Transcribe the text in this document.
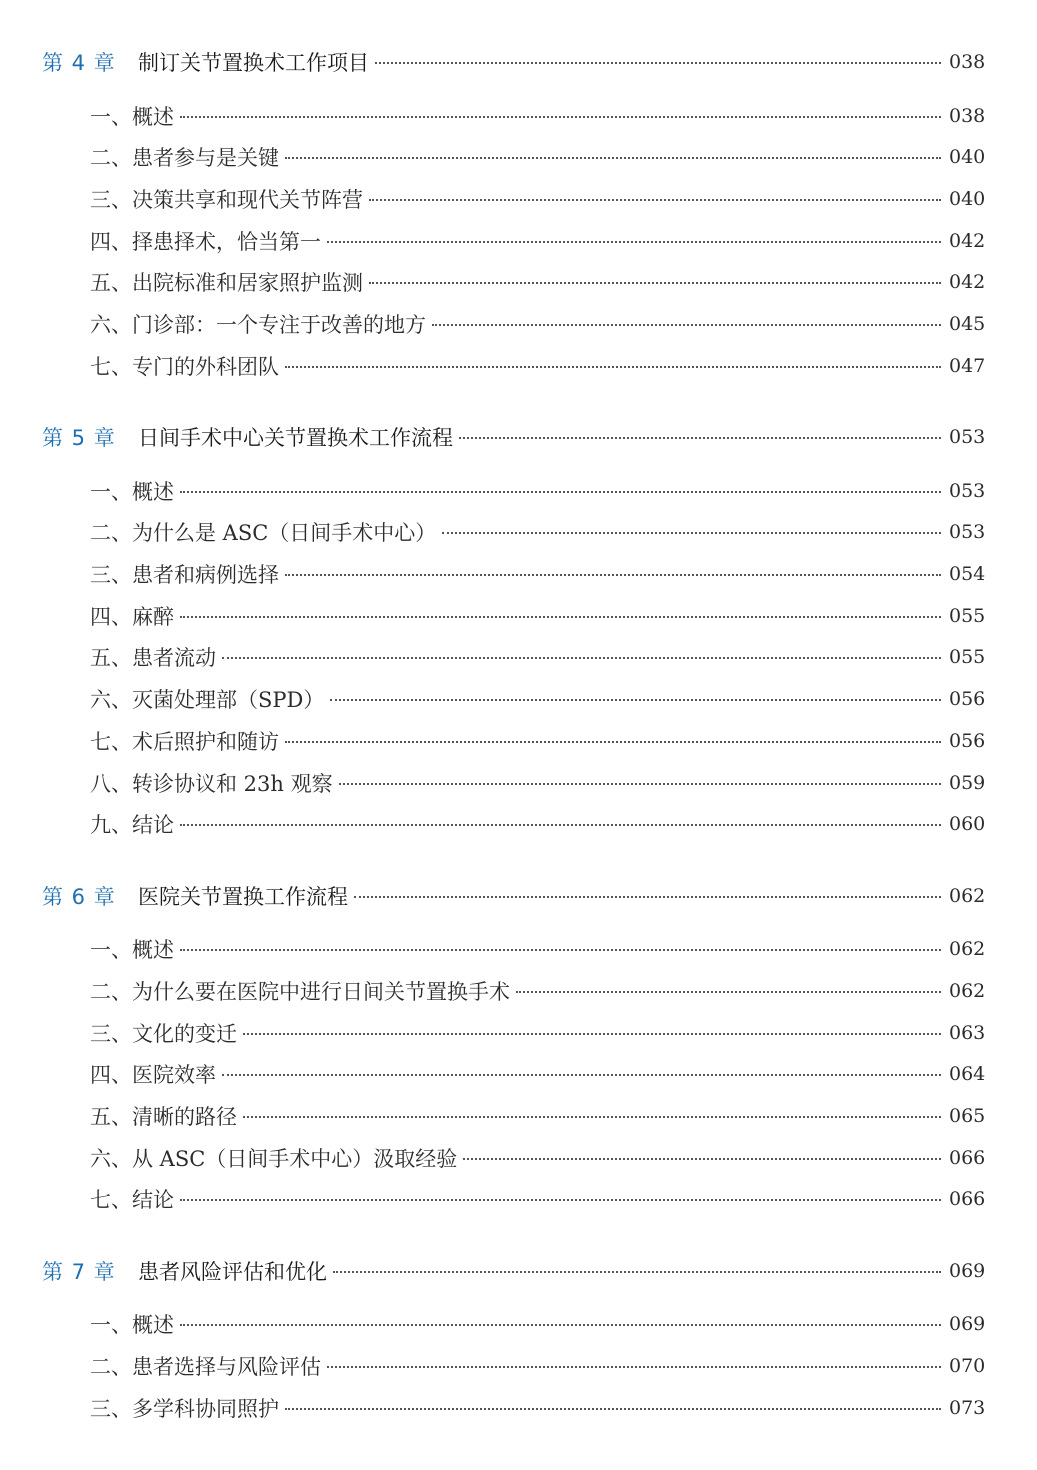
第 4 章	制订关节置换术工作项目	038
一、概述	038
二、患者参与是关键	040
三、决策共享和现代关节阵营	040
四、择患择术，恰当第一	042
五、出院标准和居家照护监测	042
六、门诊部：一个专注于改善的地方	045
七、专门的外科团队	047
第 5 章	日间手术中心关节置换术工作流程	053
一、概述	053
二、为什么是 ASC（日间手术中心）	053
三、患者和病例选择	054
四、麻醉	055
五、患者流动	055
六、灭菌处理部（SPD）	056
七、术后照护和随访	056
八、转诊协议和 23h 观察	059
九、结论	060
第 6 章	医院关节置换工作流程	062
一、概述	062
二、为什么要在医院中进行日间关节置换手术	062
三、文化的变迁	063
四、医院效率	064
五、清晰的路径	065
六、从 ASC（日间手术中心）汲取经验	066
七、结论	066
第 7 章	患者风险评估和优化	069
一、概述	069
二、患者选择与风险评估	070
三、多学科协同照护	073
